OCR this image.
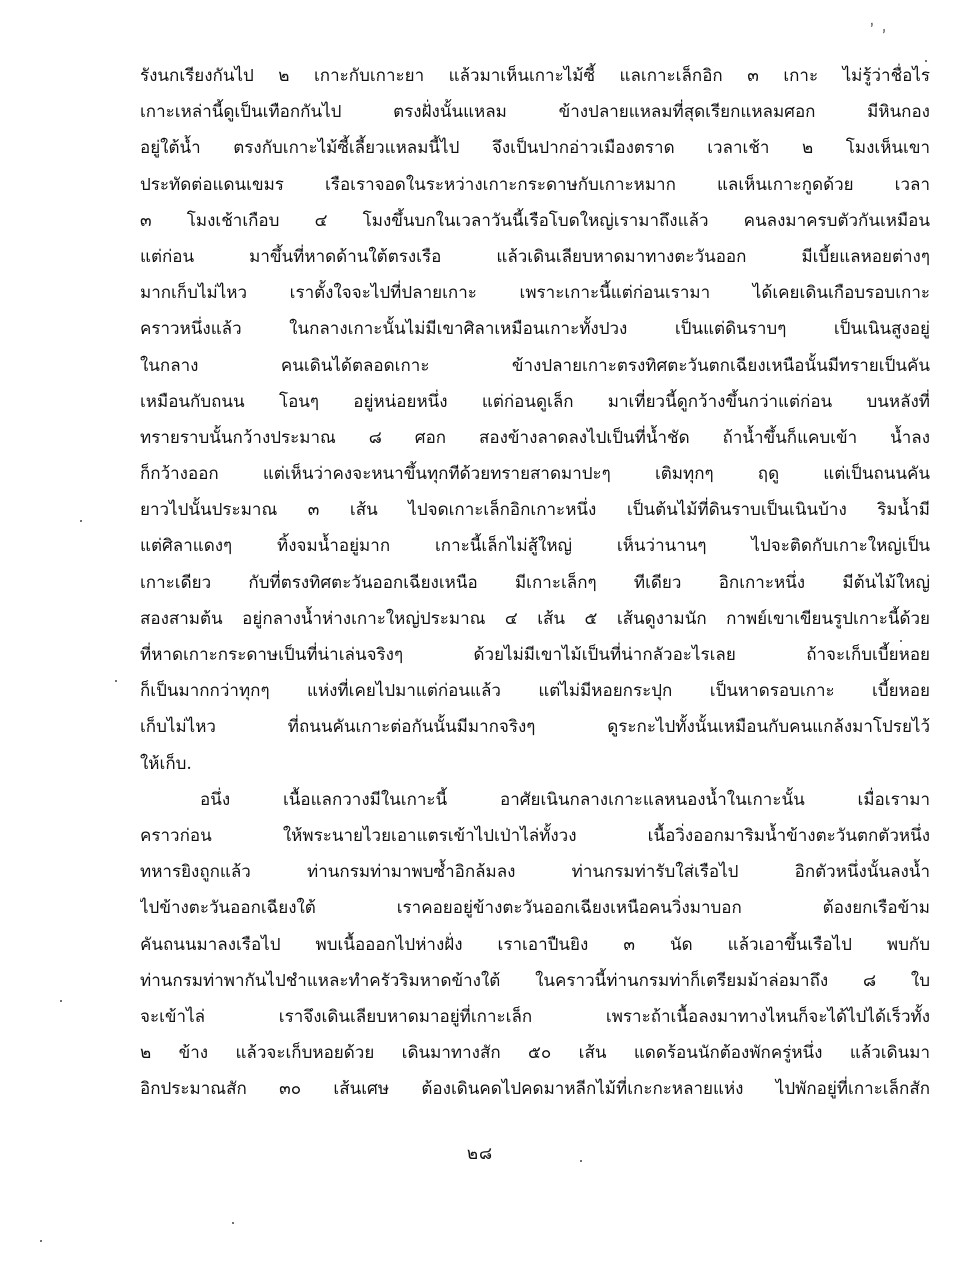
ʼ ,
รังนกเรียงกันไป ๒ เกาะกับเกาะยา แล้วมาเห็นเกาะไม้ซี้ แลเกาะเล็กอิก ๓ เกาะ ไม่รู้ว่าชื่อไร
เกาะเหล่านี้ดูเป็นเทือกกันไป ตรงฝั่งนั้นแหลม ข้างปลายแหลมที่สุดเรียกแหลมศอก มีหินกอง
อยู่ใต้น้ำ ตรงกับเกาะไม้ซี้เลี้ยวแหลมนี้ไป จึงเป็นปากอ่าวเมืองตราด เวลาเช้า ๒ โมงเห็นเขา
ประทัดต่อแดนเขมร เรือเราจอดในระหว่างเกาะกระดาษกับเกาะหมาก แลเห็นเกาะกูดด้วย เวลา
๓ โมงเช้าเกือบ ๔ โมงขึ้นบกในเวลาวันนี้เรือโบดใหญ่เรามาถึงแล้ว คนลงมาครบตัวกันเหมือน
แต่ก่อน มาขึ้นที่หาดด้านใต้ตรงเรือ แล้วเดินเลียบหาดมาทางตะวันออก มีเบี้ยแลหอยต่างๆ
มากเก็บไม่ไหว เราตั้งใจจะไปที่ปลายเกาะ เพราะเกาะนี้แต่ก่อนเรามา ได้เคยเดินเกือบรอบเกาะ
คราวหนึ่งแล้ว ในกลางเกาะนั้นไม่มีเขาศิลาเหมือนเกาะทั้งปวง เป็นแต่ดินราบๆ เป็นเนินสูงอยู่
ในกลาง คนเดินได้ตลอดเกาะ ข้างปลายเกาะตรงทิศตะวันตกเฉียงเหนือนั้นมีทรายเป็นคัน
เหมือนกับถนน โอนๆ อยู่หน่อยหนึ่ง แต่ก่อนดูเล็ก มาเที่ยวนี้ดูกว้างขึ้นกว่าแต่ก่อน บนหลังที่
ทรายราบนั้นกว้างประมาณ ๘ ศอก สองข้างลาดลงไปเป็นที่น้ำชัด ถ้าน้ำขึ้นก็แคบเข้า น้ำลง
ก็กว้างออก แต่เห็นว่าคงจะหนาขึ้นทุกทีด้วยทรายสาดมาปะๆ เติมทุกๆ ฤดู แต่เป็นถนนคัน
ยาวไปนั้นประมาณ ๓ เส้น ไปจดเกาะเล็กอิกเกาะหนึ่ง เป็นต้นไม้ที่ดินราบเป็นเนินบ้าง ริมน้ำมี
แต่ศิลาแดงๆ ทิ้งจมน้ำอยู่มาก เกาะนี้เล็กไม่สู้ใหญ่ เห็นว่านานๆ ไปจะติดกับเกาะใหญ่เป็น
เกาะเดียว กับที่ตรงทิศตะวันออกเฉียงเหนือ มีเกาะเล็กๆ ทีเดียว อิกเกาะหนึ่ง มีต้นไม้ใหญ่
สองสามต้น อยู่กลางน้ำห่างเกาะใหญ่ประมาณ ๔ เส้น ๕ เส้นดูงามนัก กาพย์เขาเขียนรูปเกาะนี้ด้วย
ที่หาดเกาะกระดาษเป็นที่น่าเล่นจริงๆ ด้วยไม่มีเขาไม้เป็นที่น่ากลัวอะไรเลย ถ้าจะเก็บเบี้ยหอย
ก็เป็นมากกว่าทุกๆ แห่งที่เคยไปมาแต่ก่อนแล้ว แต่ไม่มีหอยกระปุก เป็นหาดรอบเกาะ เบี้ยหอย
เก็บไม่ไหว ที่ถนนคันเกาะต่อกันนั้นมีมากจริงๆ ดูระกะไปทั้งนั้นเหมือนกับคนแกล้งมาโปรยไว้
ให้เก็บ.
อนึ่ง เนื้อแลกวางมีในเกาะนี้ อาศัยเนินกลางเกาะแลหนองน้ำในเกาะนั้น เมื่อเรามา
คราวก่อน ให้พระนายไวยเอาแตรเข้าไปเป่าไล่ทั้งวง เนื้อวิ่งออกมาริมน้ำข้างตะวันตกตัวหนึ่ง
ทหารยิงถูกแล้ว ท่านกรมท่ามาพบซ้ำอิกล้มลง ท่านกรมท่ารับใส่เรือไป อิกตัวหนึ่งนั้นลงน้ำ
ไปข้างตะวันออกเฉียงใต้ เราคอยอยู่ข้างตะวันออกเฉียงเหนือคนวิ่งมาบอก ต้องยกเรือข้าม
คันถนนมาลงเรือไป พบเนื้อออกไปห่างฝั่ง เราเอาปืนยิง ๓ นัด แล้วเอาขึ้นเรือไป พบกับ
ท่านกรมท่าพากันไปชำแหละทำครัวริมหาดข้างใต้ ในคราวนี้ท่านกรมท่าก็เตรียมม้าล่อมาถึง ๘ ใบ
จะเข้าไล่ เราจึงเดินเลียบหาดมาอยู่ที่เกาะเล็ก เพราะถ้าเนื้อลงมาทางไหนก็จะได้ไปได้เร็วทั้ง
๒ ข้าง แล้วจะเก็บหอยด้วย เดินมาทางสัก ๕๐ เส้น แดดร้อนนักต้องพักครู่หนึ่ง แล้วเดินมา
อิกประมาณสัก ๓๐ เส้นเศษ ต้องเดินคดไปคดมาหลีกไม้ที่เกะกะหลายแห่ง ไปพักอยู่ที่เกาะเล็กสัก
๒๘
